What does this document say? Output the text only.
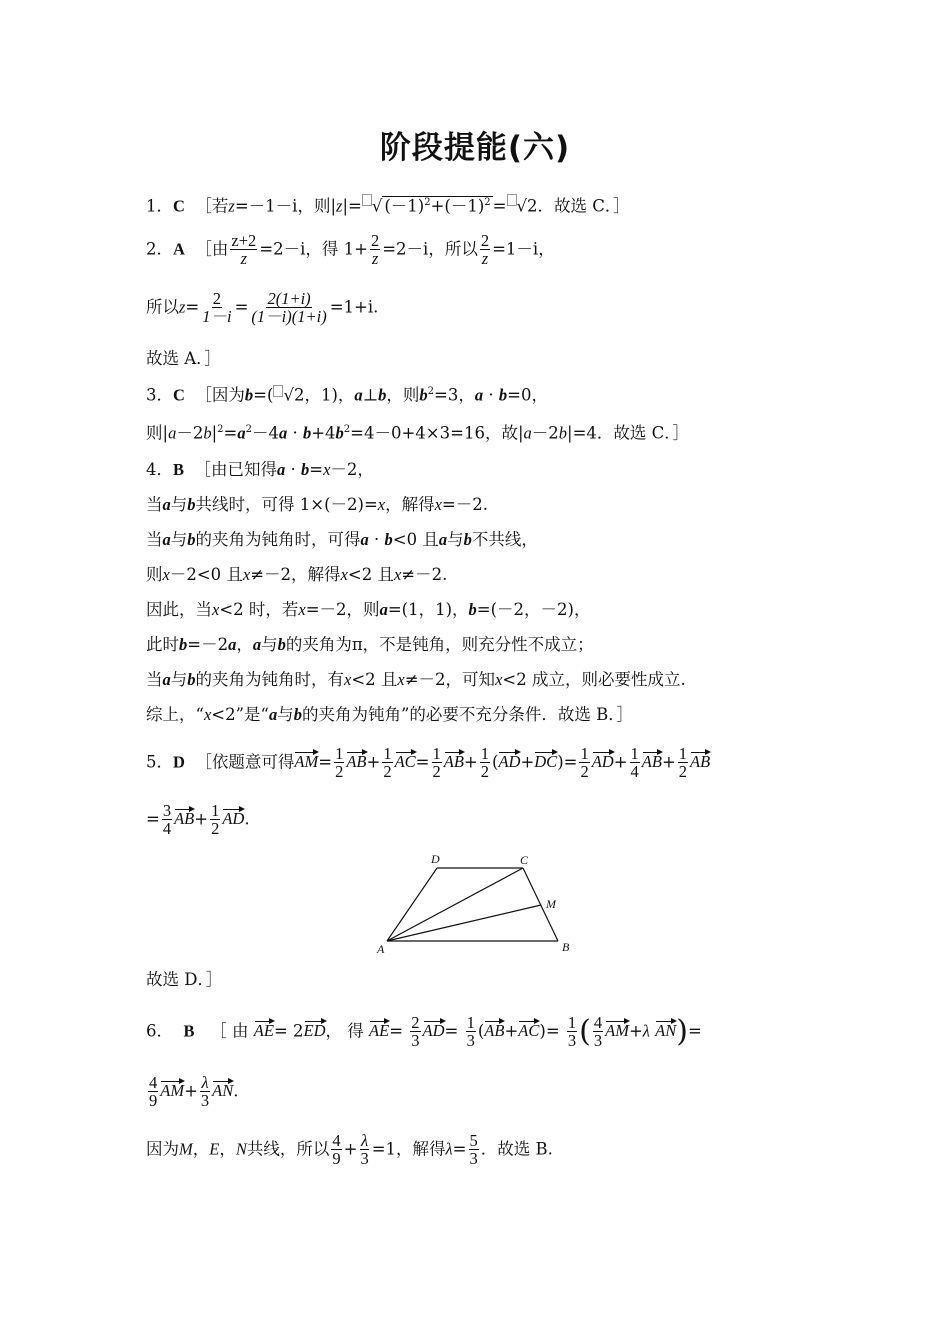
阶段提能(六)
1．C ［若z=－1－i，则|z|= √ $(-1)^2+(-1)^2 = √2$．故选 C．］
2．A ［由 $\frac{z+2}{z} =2-i$，得 $1+ \frac{2}{z} =2-i$，所以 $\frac{2}{z} =1-i$，
所以$z= \frac{2}{1-i} = \frac{2(1+i)}{(1-i)(1+i)} =1+i$.
故选 A．］
3．C ［因为b=( √2，1)，a⊥b，则$b^2=3$，a · b=0，
则$|a-2b|^2=a^2-4a \cdot b+4b^2=4-0+4\times 3=16$，故|a－2b|=4．故选 C．］
4．B ［由已知得a · b=x－2，
当a与b共线时，可得 1×(－2)=x，解得x=－2.
当a与b的夹角为钝角时，可得a · b<0 且a与b不共线，
则x－2<0 且x≠－2，解得x<2 且x≠－2.
因此，当x<2 时，若x=－2，则a=(1，1)，b=(－2，－2)，
此时b=－2a，a与b的夹角为π，不是钝角，则充分性不成立；
当a与b的夹角为钝角时，有x<2 且x≠－2，可知x<2 成立，则必要性成立.
综上，“x<2”是“a与b的夹角为钝角”的必要不充分条件．故选 B．］
5．D ［依题意可得$AM= \frac{1}{2} AB+ \frac{1}{2} AC= \frac{1}{2} AB+ \frac{1}{2} (AD+DC)= \frac{1}{2} AD+ \frac{1}{4} AB+ \frac{1}{2}$ AB
= $\frac{3}{4} AB+ \frac{1}{2}$ AD.
D	C
M
A	B
故选 D．］
6． B ［ 由 AE= 2ED， 得 $AE= \frac{2}{3} AD= \frac{1}{3} (AB+AC)= \frac{1}{3}$ ( $\frac{4}{3} AM+\lambda$ AN)=
$\frac{4}{9} AM+ \frac{\lambda}{3}$ AN.
因为M，E，N共线，所以 $\frac{4}{9} + \frac{\lambda}{3} =1$，解得$\lambda= \frac{5}{3}$ ．故选 B.
